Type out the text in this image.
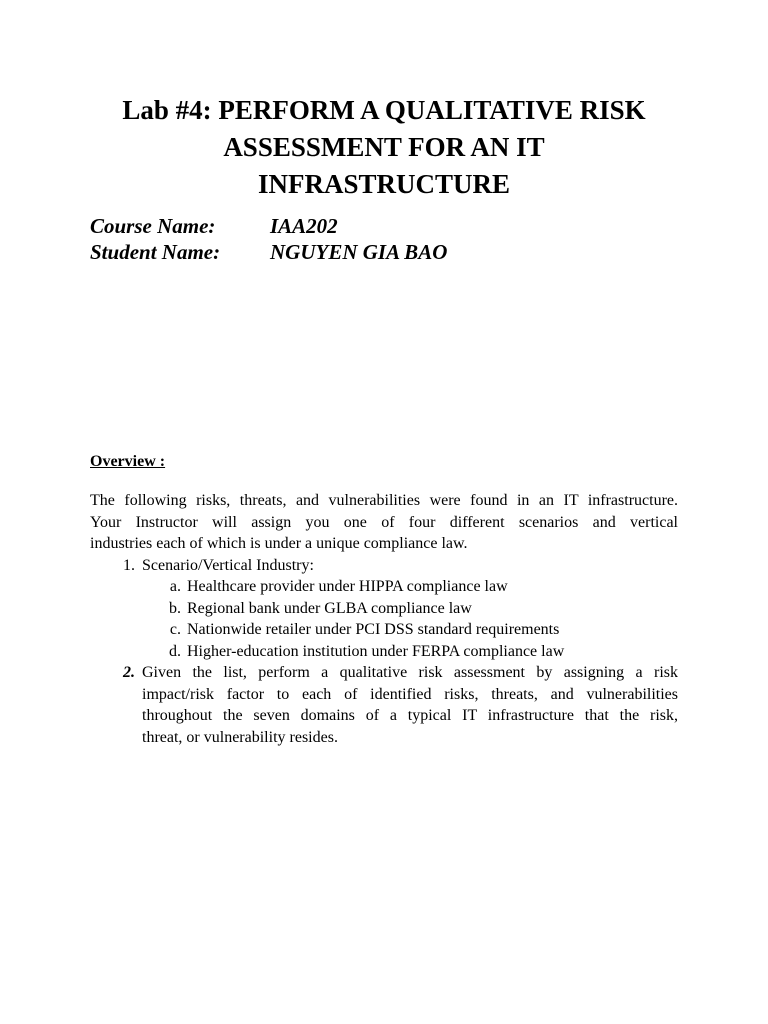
Lab #4: PERFORM A QUALITATIVE RISK
ASSESSMENT FOR AN IT
INFRASTRUCTURE
Course Name:	IAA202
Student Name:	NGUYEN GIA BAO
Overview :
The following risks, threats, and vulnerabilities were found in an IT infrastructure.
Your Instructor will assign you one of four different scenarios and vertical
industries each of which is under a unique compliance law.
1. Scenario/Vertical Industry:
a. Healthcare provider under HIPPA compliance law
b. Regional bank under GLBA compliance law
c. Nationwide retailer under PCI DSS standard requirements
d. Higher-education institution under FERPA compliance law
2. Given the list, perform a qualitative risk assessment by assigning a risk
impact/risk factor to each of identified risks, threats, and vulnerabilities
throughout the seven domains of a typical IT infrastructure that the risk,
threat, or vulnerability resides.
